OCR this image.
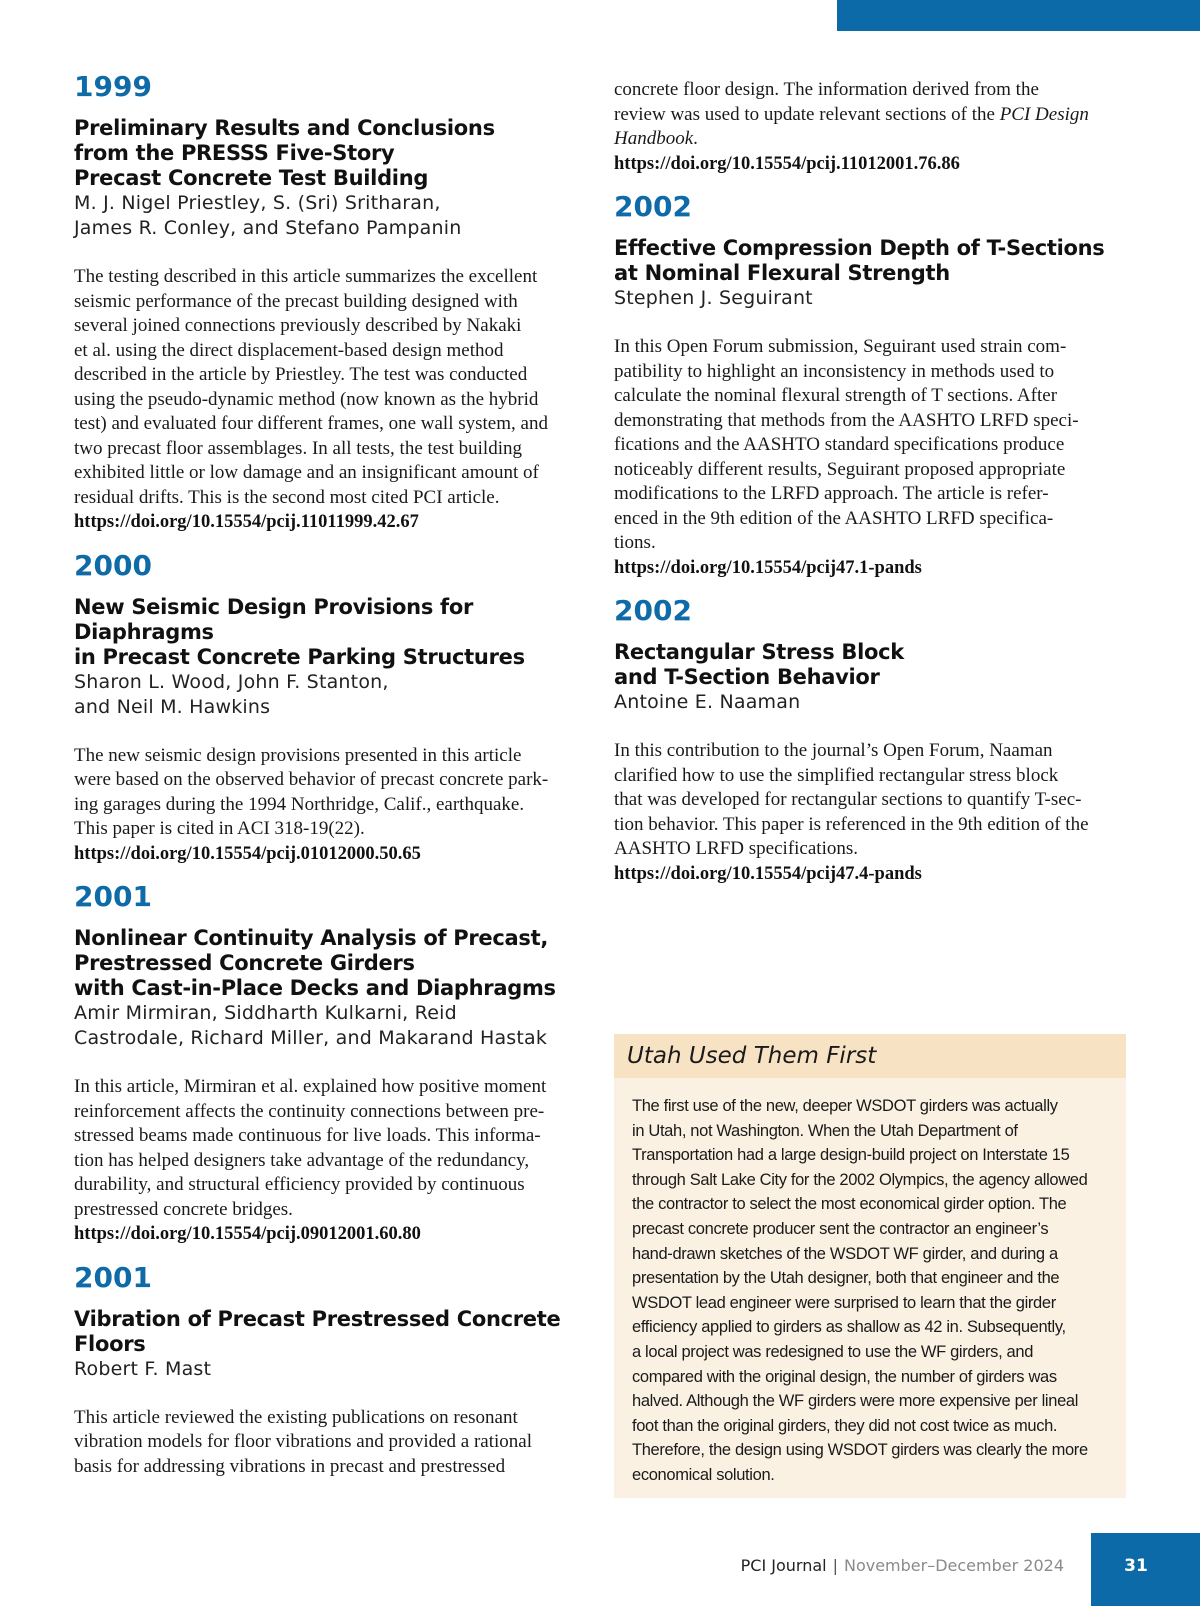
1999
Preliminary Results and Conclusions
from the PRESSS Five-Story
Precast Concrete Test Building
M. J. Nigel Priestley, S. (Sri) Sritharan,
James R. Conley, and Stefano Pampanin
The testing described in this article summarizes the excellent
seismic performance of the precast building designed with
several joined connections previously described by Nakaki
et al. using the direct displacement-based design method
described in the article by Priestley. The test was conducted
using the pseudo-dynamic method (now known as the hybrid
test) and evaluated four different frames, one wall system, and
two precast floor assemblages. In all tests, the test building
exhibited little or low damage and an insignificant amount of
residual drifts. This is the second most cited PCI article.
https://doi.org/10.15554/pcij.11011999.42.67
2000
New Seismic Design Provisions for Diaphragms
in Precast Concrete Parking Structures
Sharon L. Wood, John F. Stanton,
and Neil M. Hawkins
The new seismic design provisions presented in this article
were based on the observed behavior of precast concrete park-
ing garages during the 1994 Northridge, Calif., earthquake.
This paper is cited in ACI 318-19(22).
https://doi.org/10.15554/pcij.01012000.50.65
2001
Nonlinear Continuity Analysis of Precast,
Prestressed Concrete Girders
with Cast-in-Place Decks and Diaphragms
Amir Mirmiran, Siddharth Kulkarni, Reid
Castrodale, Richard Miller, and Makarand Hastak
In this article, Mirmiran et al. explained how positive moment
reinforcement affects the continuity connections between pre-
stressed beams made continuous for live loads. This informa-
tion has helped designers take advantage of the redundancy,
durability, and structural efficiency provided by continuous
prestressed concrete bridges.
https://doi.org/10.15554/pcij.09012001.60.80
2001
Vibration of Precast Prestressed Concrete
Floors
Robert F. Mast
This article reviewed the existing publications on resonant
vibration models for floor vibrations and provided a rational
basis for addressing vibrations in precast and prestressed
concrete floor design. The information derived from the
review was used to update relevant sections of the PCI Design
Handbook.
https://doi.org/10.15554/pcij.11012001.76.86
2002
Effective Compression Depth of T-Sections
at Nominal Flexural Strength
Stephen J. Seguirant
In this Open Forum submission, Seguirant used strain com-
patibility to highlight an inconsistency in methods used to
calculate the nominal flexural strength of T sections. After
demonstrating that methods from the AASHTO LRFD speci-
fications and the AASHTO standard specifications produce
noticeably different results, Seguirant proposed appropriate
modifications to the LRFD approach. The article is refer-
enced in the 9th edition of the AASHTO LRFD specifica-
tions.
https://doi.org/10.15554/pcij47.1-pands
2002
Rectangular Stress Block
and T-Section Behavior
Antoine E. Naaman
In this contribution to the journal’s Open Forum, Naaman
clarified how to use the simplified rectangular stress block
that was developed for rectangular sections to quantify T-sec-
tion behavior. This paper is referenced in the 9th edition of the
AASHTO LRFD specifications.
https://doi.org/10.15554/pcij47.4-pands
Utah Used Them First
The first use of the new, deeper WSDOT girders was actually
in Utah, not Washington. When the Utah Department of
Transportation had a large design-build project on Interstate 15
through Salt Lake City for the 2002 Olympics, the agency allowed
the contractor to select the most economical girder option. The
precast concrete producer sent the contractor an engineer’s
hand-drawn sketches of the WSDOT WF girder, and during a
presentation by the Utah designer, both that engineer and the
WSDOT lead engineer were surprised to learn that the girder
efficiency applied to girders as shallow as 42 in. Subsequently,
a local project was redesigned to use the WF girders, and
compared with the original design, the number of girders was
halved. Although the WF girders were more expensive per lineal
foot than the original girders, they did not cost twice as much.
Therefore, the design using WSDOT girders was clearly the more
economical solution.
PCI Journal | November–December 2024	31
